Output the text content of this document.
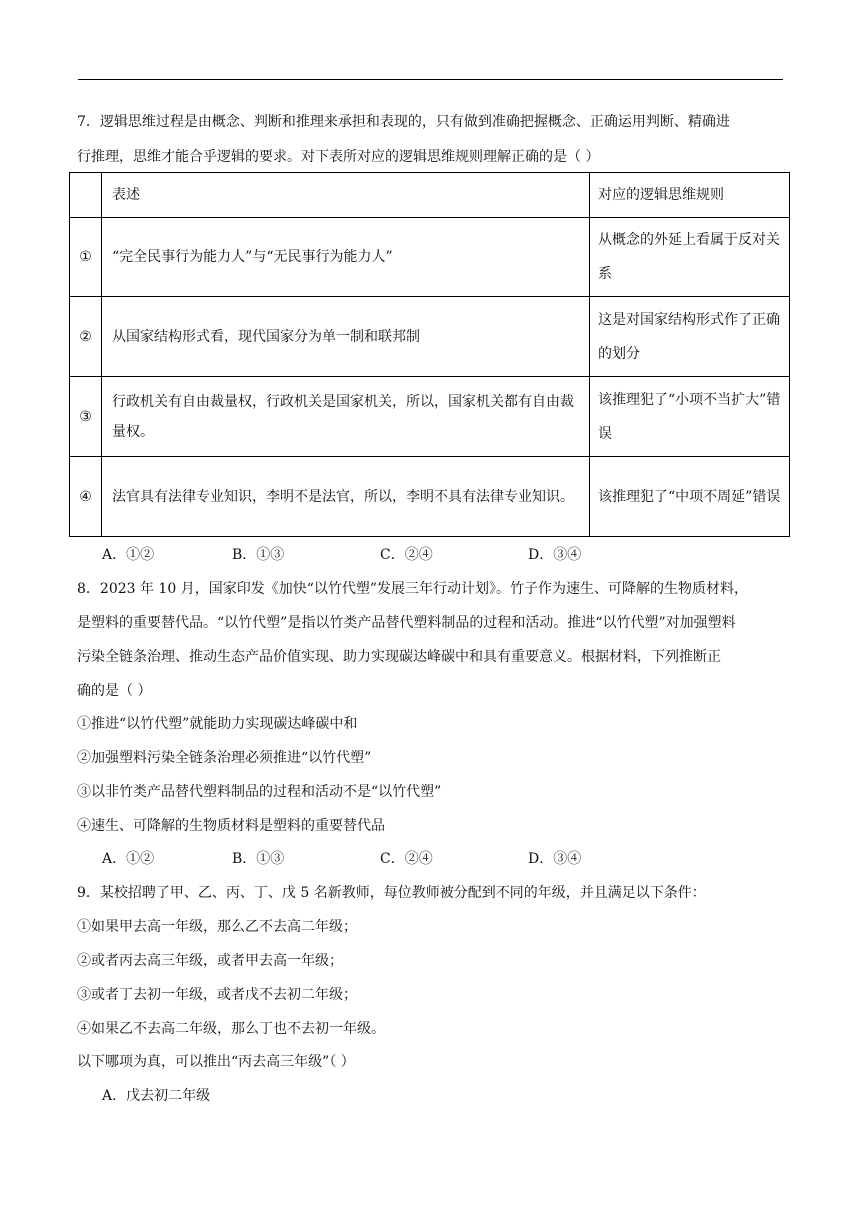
7．逻辑思维过程是由概念、判断和推理来承担和表现的，只有做到准确把握概念、正确运用判断、精确进
行推理，思维才能合乎逻辑的要求。对下表所对应的逻辑思维规则理解正确的是（ ）
	表述	对应的逻辑思维规则
①	“完全民事行为能力人”与“无民事行为能力人”	从概念的外延上看属于反对关系
②	从国家结构形式看，现代国家分为单一制和联邦制	这是对国家结构形式作了正确的划分
③	行政机关有自由裁量权，行政机关是国家机关，所以，国家机关都有自由裁量权。	该推理犯了“小项不当扩大”错误
④	法官具有法律专业知识，李明不是法官，所以，李明不具有法律专业知识。	该推理犯了“中项不周延”错误
A．①②	B．①③	C．②④	D．③④
8．2023 年 10 月，国家印发《加快“以竹代塑”发展三年行动计划》。竹子作为速生、可降解的生物质材料，
是塑料的重要替代品。“以竹代塑”是指以竹类产品替代塑料制品的过程和活动。推进“以竹代塑”对加强塑料
污染全链条治理、推动生态产品价值实现、助力实现碳达峰碳中和具有重要意义。根据材料，下列推断正
确的是（ ）
①推进“以竹代塑”就能助力实现碳达峰碳中和
②加强塑料污染全链条治理必须推进“以竹代塑”
③以非竹类产品替代塑料制品的过程和活动不是“以竹代塑”
④速生、可降解的生物质材料是塑料的重要替代品
A．①②	B．①③	C．②④	D．③④
9．某校招聘了甲、乙、丙、丁、戊 5 名新教师，每位教师被分配到不同的年级，并且满足以下条件：
①如果甲去高一年级，那么乙不去高二年级；
②或者丙去高三年级，或者甲去高一年级；
③或者丁去初一年级，或者戊不去初二年级；
④如果乙不去高二年级，那么丁也不去初一年级。
以下哪项为真，可以推出“丙去高三年级”（ ）
A．戊去初二年级
